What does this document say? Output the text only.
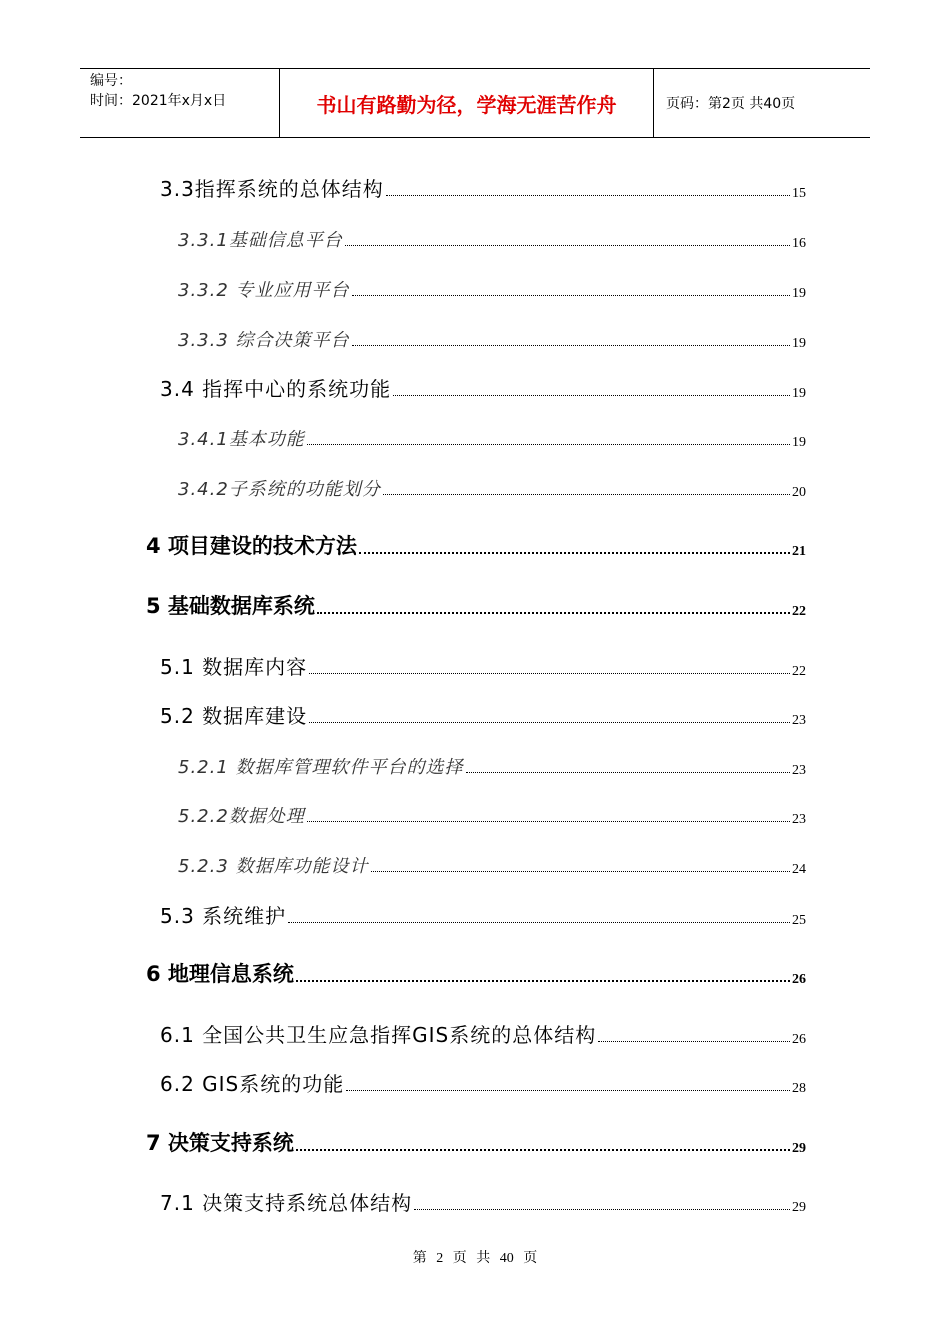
编号：
时间：2021年x月x日	书山有路勤为径，学海无涯苦作舟	页码：第2页 共40页
3.3指挥系统的总体结构	15
3.3.1基础信息平台	16
3.3.2 专业应用平台	19
3.3.3 综合决策平台	19
3.4 指挥中心的系统功能	19
3.4.1基本功能	19
3.4.2子系统的功能划分	20
4 项目建设的技术方法	21
5 基础数据库系统	22
5.1 数据库内容	22
5.2 数据库建设	23
5.2.1 数据库管理软件平台的选择	23
5.2.2数据处理	23
5.2.3 数据库功能设计	24
5.3 系统维护	25
6 地理信息系统	26
6.1 全国公共卫生应急指挥GIS系统的总体结构	26
6.2 GIS系统的功能	28
7 决策支持系统	29
7.1 决策支持系统总体结构	29
第 2 页 共 40 页
